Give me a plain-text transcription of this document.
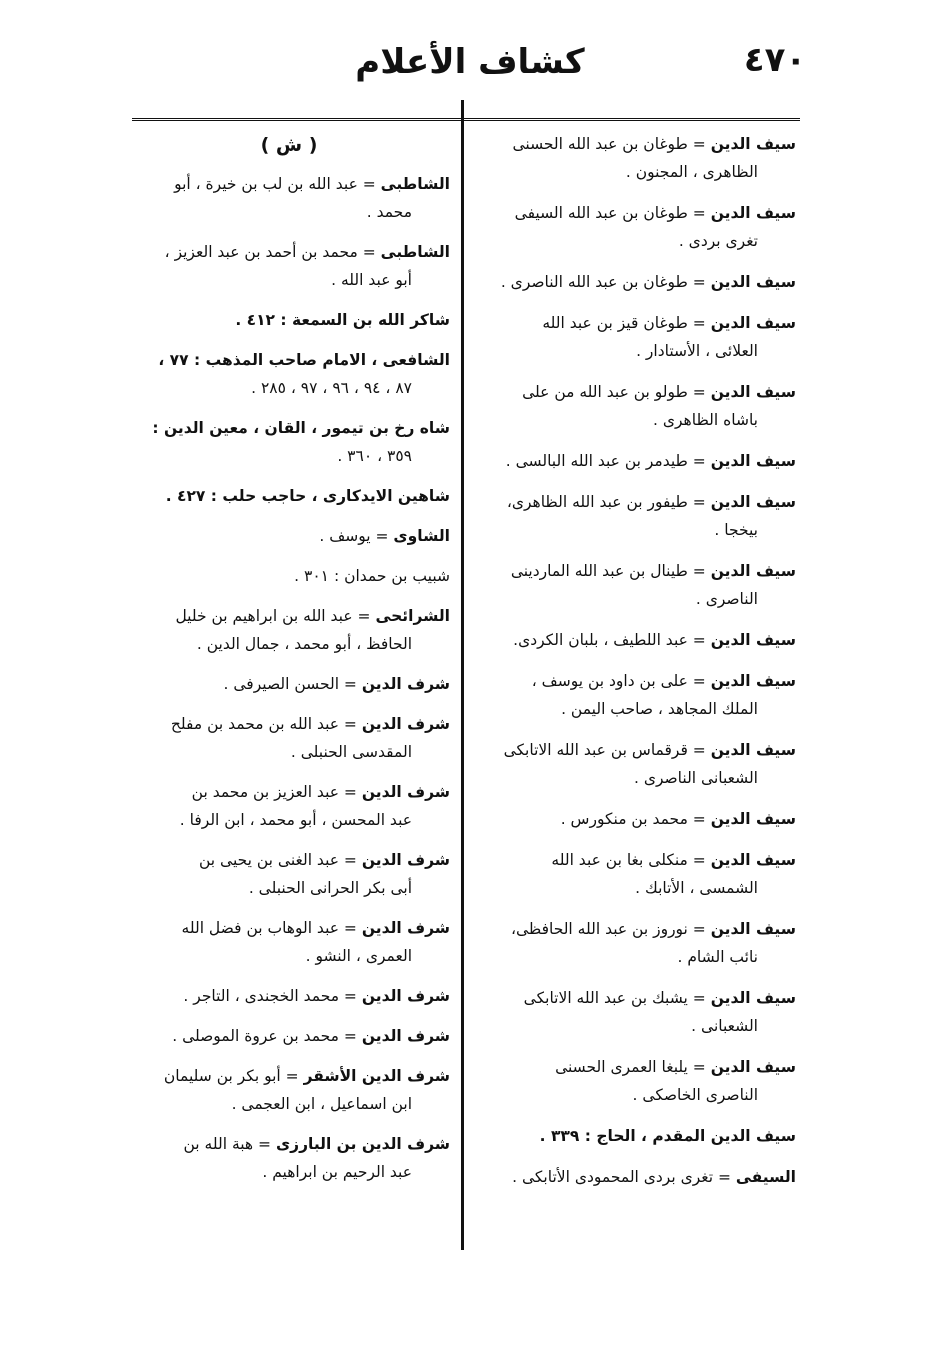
٤٧٠
كشاف الأعلام
سيف الدين = طوغان بن عبد الله الحسنى
الظاهرى ، المجنون .
سيف الدين = طوغان بن عبد الله السيفى
تغرى بردى .
سيف الدين = طوغان بن عبد الله الناصرى .
سيف الدين = طوغان قيز بن عبد الله
العلائى ، الأستادار .
سيف الدين = طولو بن عبد الله من على
باشاه الظاهرى .
سيف الدين = طيدمر بن عبد الله البالسى .
سيف الدين = طيفور بن عبد الله الظاهرى،
بيخجا .
سيف الدين = طينال بن عبد الله الماردينى
الناصرى .
سيف الدين = عبد اللطيف ، بلبان الكردى.
سيف الدين = على بن داود بن يوسف ،
الملك المجاهد ، صاحب اليمن .
سيف الدين = قرقماس بن عبد الله الاتابكى
الشعبانى الناصرى .
سيف الدين = محمد بن منكورس .
سيف الدين = منكلى بغا بن عبد الله
الشمسى ، الأتابك .
سيف الدين = نوروز بن عبد الله الحافظى،
نائب الشام .
سيف الدين = يشبك بن عبد الله الاتابكى
الشعبانى .
سيف الدين = يلبغا العمرى الحسنى
الناصرى الخاصكى .
سيف الدين المقدم ، الحاج : ٣٣٩ .
السيفى = تغرى بردى المحمودى الأتابكى .
( ش )
الشاطبى = عبد الله بن لب بن خيرة ، أبو
محمد .
الشاطبى = محمد بن أحمد بن عبد العزيز ،
أبو عبد الله .
شاكر الله بن السمعة : ٤١٢ .
الشافعى ، الامام صاحب المذهب : ٧٧ ،
٨٧ ، ٩٤ ، ٩٦ ، ٩٧ ، ٢٨٥ .
شاه رخ بن تيمور ، القان ، معين الدين :
٣٥٩ ، ٣٦٠ .
شاهين الايدكارى ، حاجب حلب : ٤٢٧ .
الشاوى = يوسف .
شبيب بن حمدان : ٣٠١ .
الشرائحى = عبد الله بن ابراهيم بن خليل
الحافظ ، أبو محمد ، جمال الدين .
شرف الدين = الحسن الصيرفى .
شرف الدين = عبد الله بن محمد بن مفلح
المقدسى الحنبلى .
شرف الدين = عبد العزيز بن محمد بن
عبد المحسن ، أبو محمد ، ابن الرفا .
شرف الدين = عبد الغنى بن يحيى بن
أبى بكر الحرانى الحنبلى .
شرف الدين = عبد الوهاب بن فضل الله
العمرى ، النشو .
شرف الدين = محمد الخجندى ، التاجر .
شرف الدين = محمد بن عروة الموصلى .
شرف الدين الأشقر = أبو بكر بن سليمان
ابن اسماعيل ، ابن العجمى .
شرف الدين بن البارزى = هبة الله بن
عبد الرحيم بن ابراهيم .
